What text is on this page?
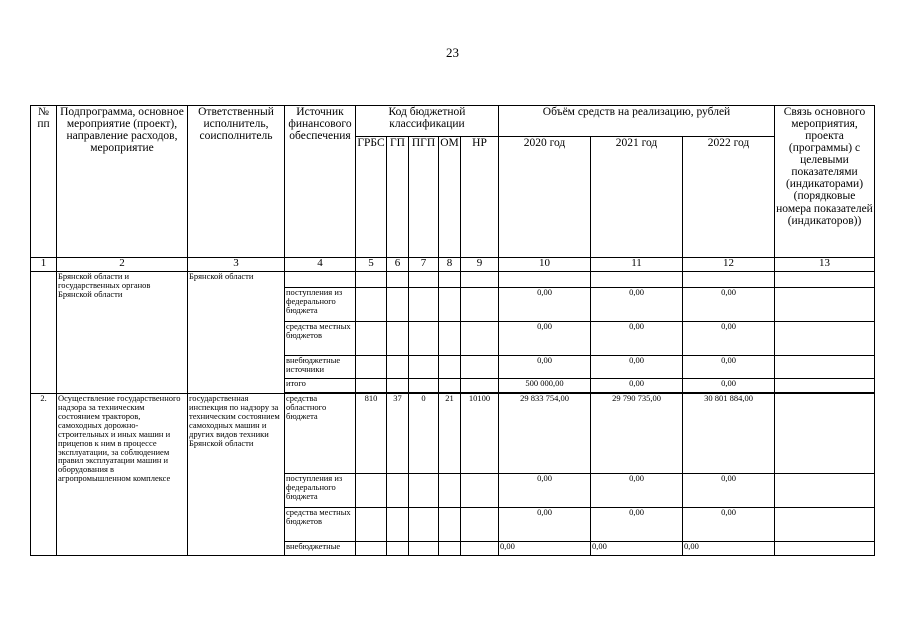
23
№ пп	Подпрограмма, основное мероприятие (проект), направление расходов, мероприятие	Ответственный исполнитель, соисполнитель	Источник финансового обеспечения	Код бюджетной классификации					Объём средств на реализацию, рублей			Связь основного мероприятия, проекта (программы) с целевыми показателями (индикаторами) (порядковые номера показателей (индикаторов))
				ГРБС	ГП	ПГП	ОМ	НР	2020 год	2021 год	2022 год	
1	2	3	4	5	6	7	8	9	10	11	12	13
	Брянской области и государственных органов Брянской области	Брянской области										
			поступления из федерального бюджета						0,00	0,00	0,00	
			средства местных бюджетов						0,00	0,00	0,00	
			внебюджетные источники						0,00	0,00	0,00	
			итого						500 000,00	0,00	0,00	

2.	Осуществление государственного надзора за техническим состоянием тракторов, самоходных дорожно-строительных и иных машин и прицепов к ним в процессе эксплуатации, за соблюдением правил эксплуатации машин и оборудования в агропромышленном комплексе	государственная инспекция по надзору за техническим состоянием самоходных машин и других видов техники Брянской области	средства областного бюджета	810	37	0	21	10100	29 833 754,00	29 790 735,00	30 801 884,00	
			поступления из федерального бюджета						0,00	0,00	0,00	
			средства местных бюджетов						0,00	0,00	0,00	
			внебюджетные						0,00	0,00	0,00	
